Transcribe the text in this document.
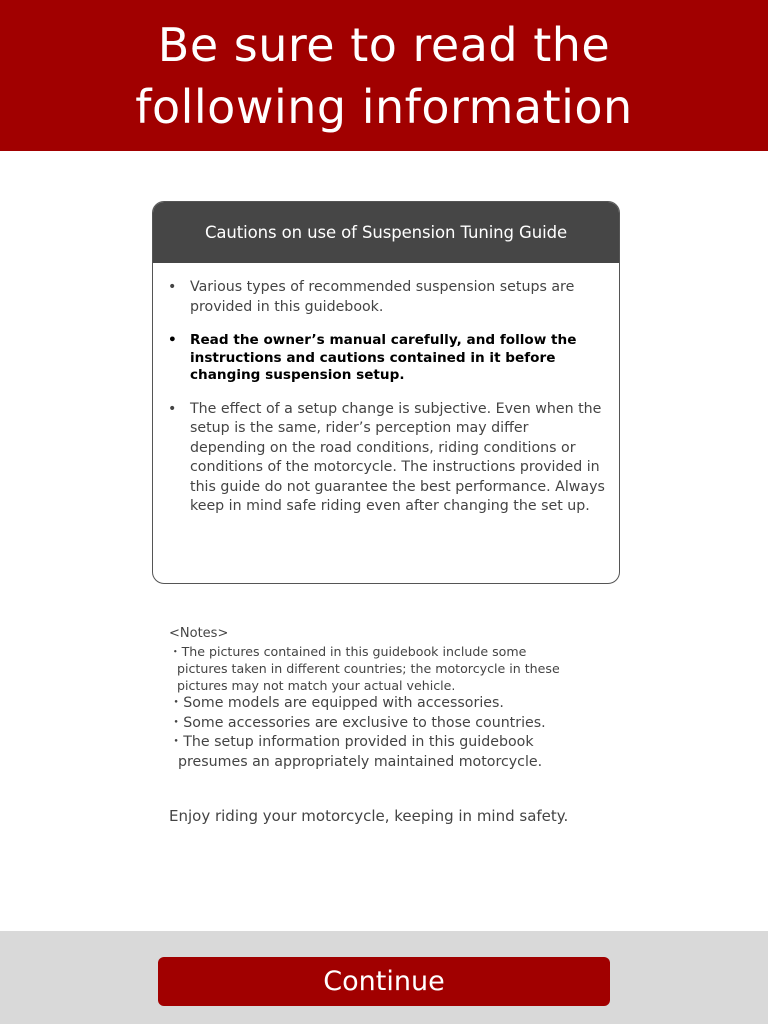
Be sure to read the
following information
Cautions on use of Suspension Tuning Guide
• Various types of recommended suspension setups are provided in this guidebook.
• Read the owner’s manual carefully, and follow the instructions and cautions contained in it before changing suspension setup.
• The effect of a setup change is subjective. Even when the setup is the same, rider’s perception may differ depending on the road conditions, riding conditions or conditions of the motorcycle. The instructions provided in this guide do not guarantee the best performance. Always keep in mind safe riding even after changing the set up.
<Notes>
・The pictures contained in this guidebook include some
pictures taken in different countries; the motorcycle in these
pictures may not match your actual vehicle.
・Some models are equipped with accessories.
・Some accessories are exclusive to those countries.
・The setup information provided in this guidebook
presumes an appropriately maintained motorcycle.
Enjoy riding your motorcycle, keeping in mind safety.
Continue
